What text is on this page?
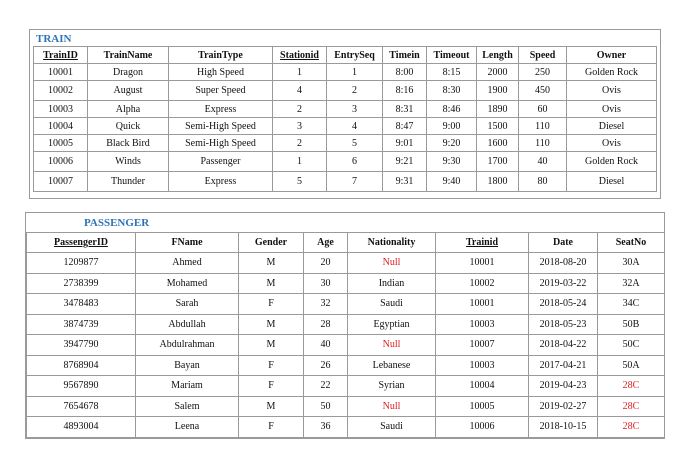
TRAIN
TrainID	TrainName	TrainType	Stationid	EntrySeq	Timein	Timeout	Length	Speed	Owner
10001	Dragon	High Speed	1	1	8:00	8:15	2000	250	Golden Rock
10002	August	Super Speed	4	2	8:16	8:30	1900	450	Ovis
10003	Alpha	Express	2	3	8:31	8:46	1890	60	Ovis
10004	Quick	Semi-High Speed	3	4	8:47	9:00	1500	110	Diesel
10005	Black Bird	Semi-High Speed	2	5	9:01	9:20	1600	110	Ovis
10006	Winds	Passenger	1	6	9:21	9:30	1700	40	Golden Rock
10007	Thunder	Express	5	7	9:31	9:40	1800	80	Diesel
PASSENGER
PassengerID	FName	Gender	Age	Nationality	Trainid	Date	SeatNo
1209877	Ahmed	M	20	Null	10001	2018-08-20	30A
2738399	Mohamed	M	30	Indian	10002	2019-03-22	32A
3478483	Sarah	F	32	Saudi	10001	2018-05-24	34C
3874739	Abdullah	M	28	Egyptian	10003	2018-05-23	50B
3947790	Abdulrahman	M	40	Null	10007	2018-04-22	50C
8768904	Bayan	F	26	Lebanese	10003	2017-04-21	50A
9567890	Mariam	F	22	Syrian	10004	2019-04-23	28C
7654678	Salem	M	50	Null	10005	2019-02-27	28C
4893004	Leena	F	36	Saudi	10006	2018-10-15	28C
